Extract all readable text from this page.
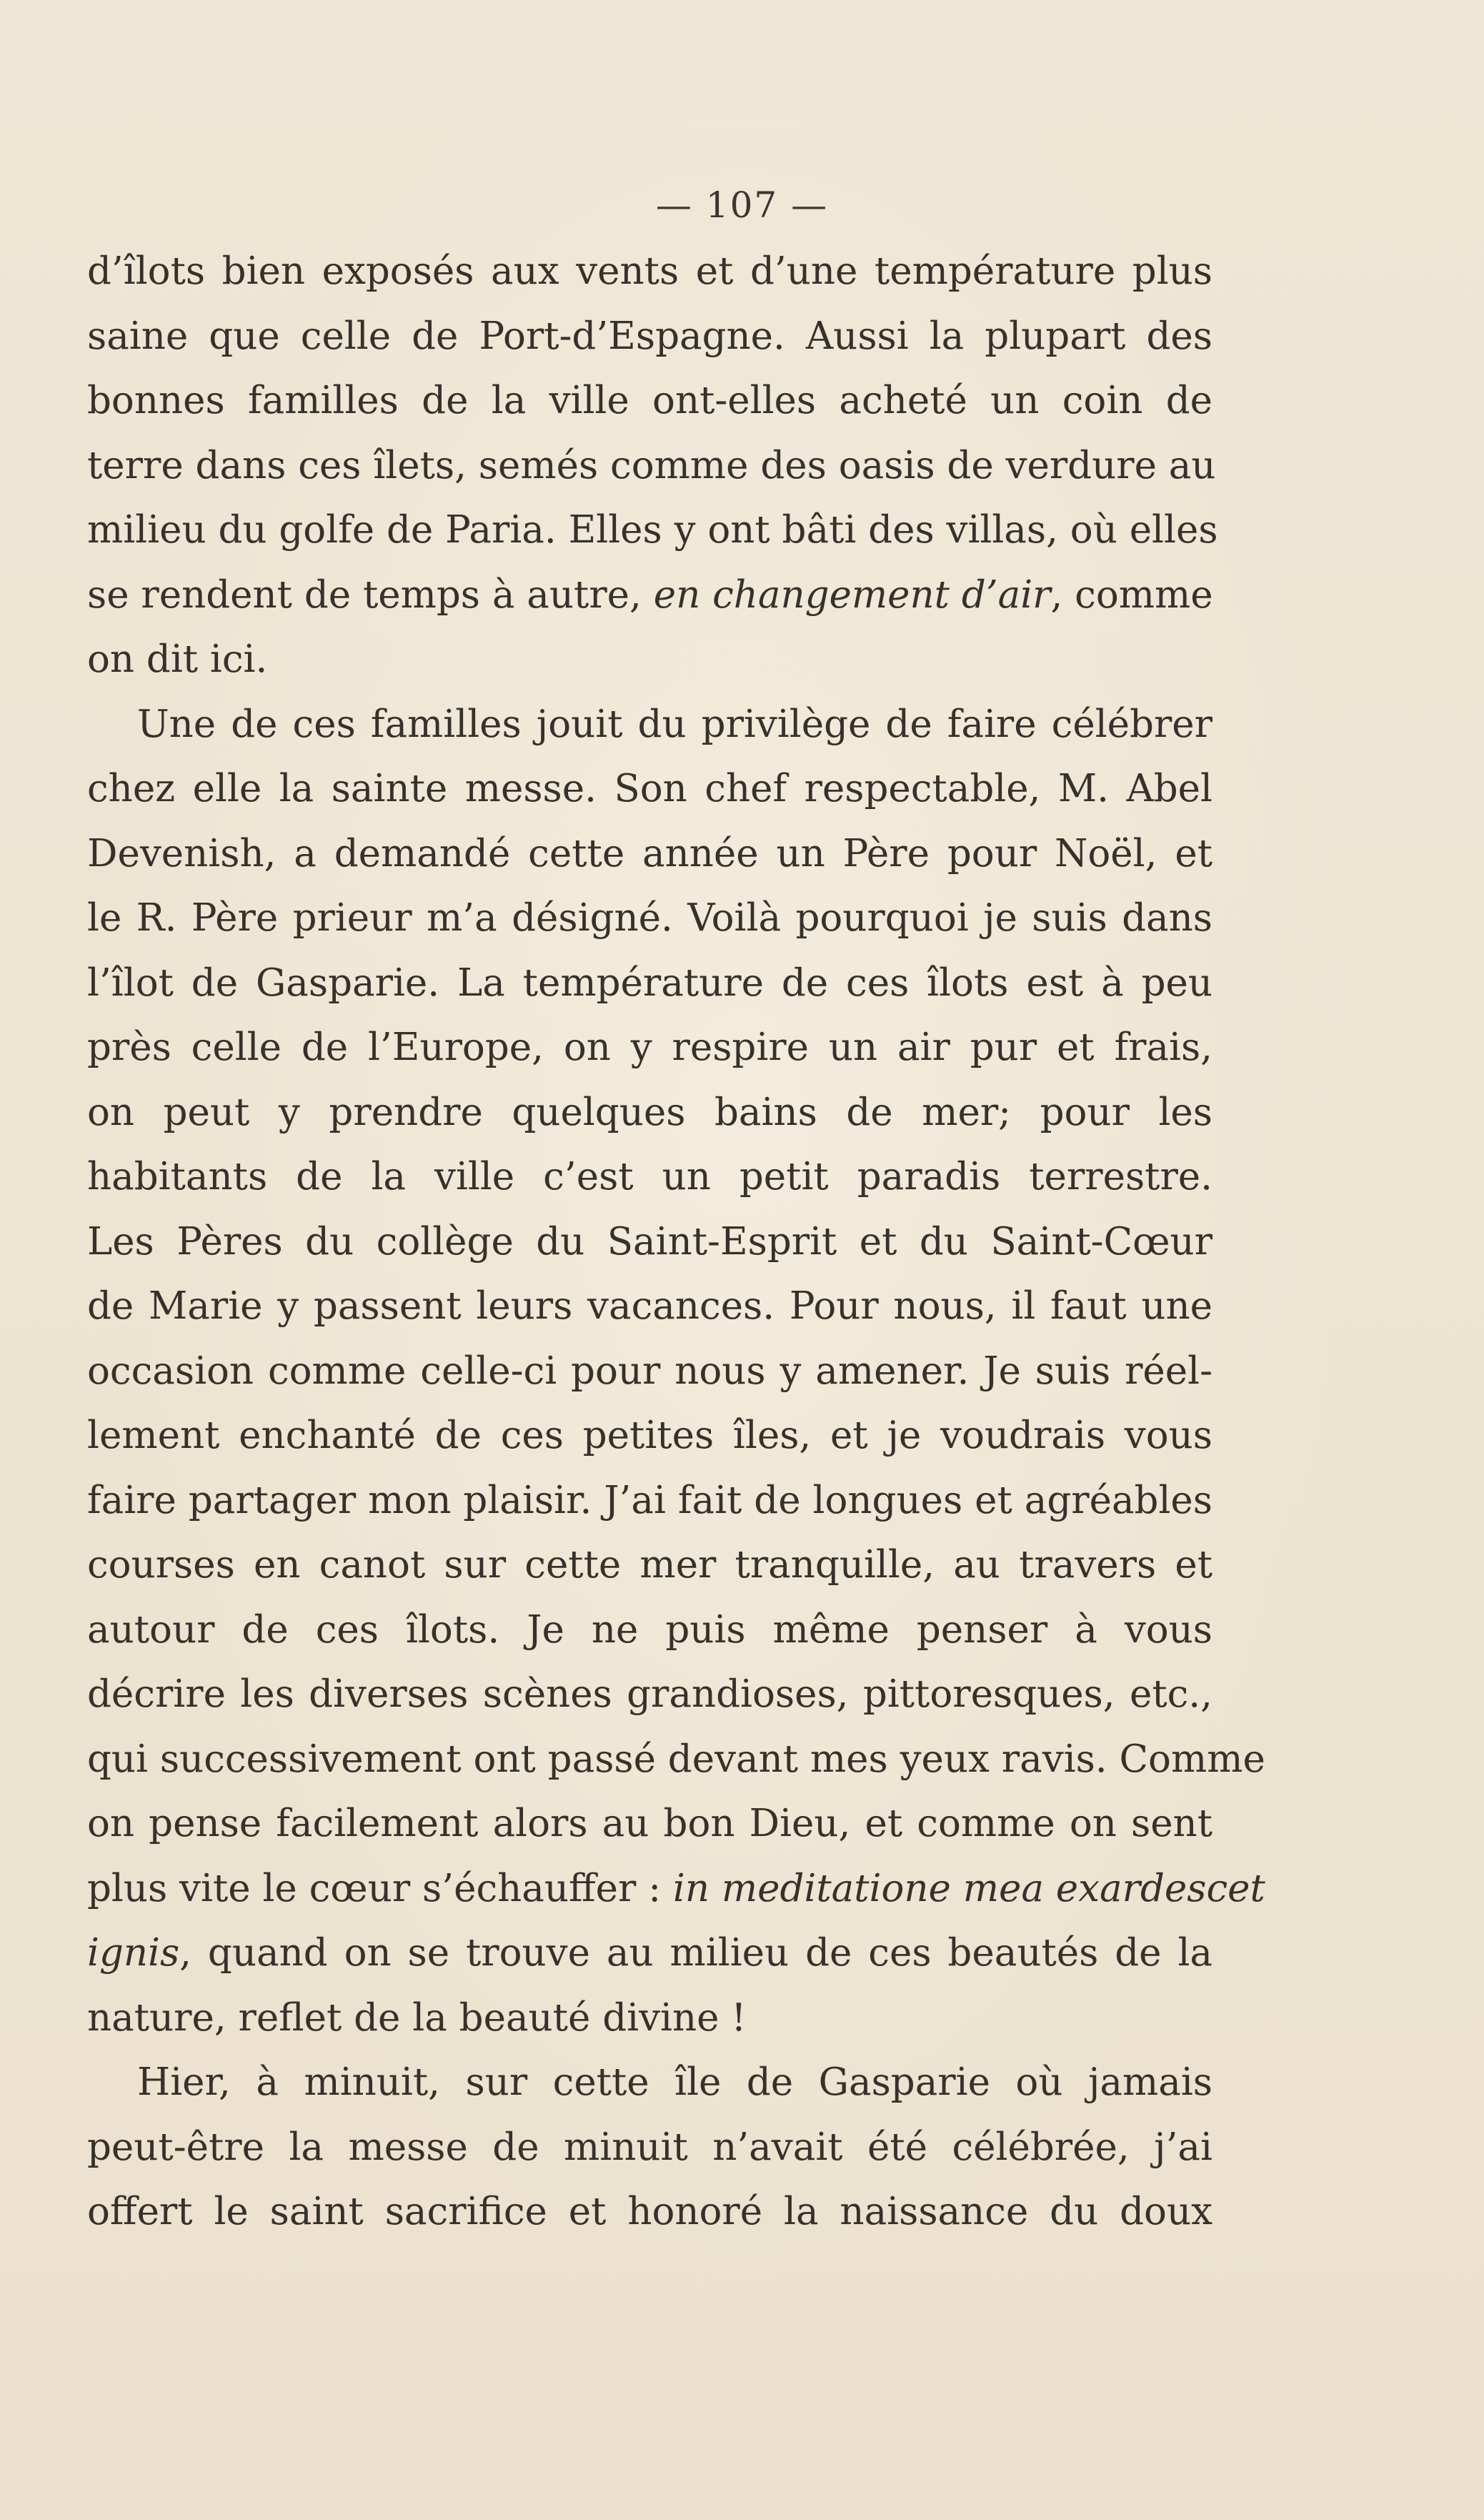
— 107 —
d’îlots bien exposés aux vents et d’une température plus
saine que celle de Port-d’Espagne. Aussi la plupart des
bonnes familles de la ville ont-elles acheté un coin de
terre dans ces îlets, semés comme des oasis de verdure au
milieu du golfe de Paria. Elles y ont bâti des villas, où elles
se rendent de temps à autre, en changement d’air, comme
on dit ici.
Une de ces familles jouit du privilège de faire célébrer
chez elle la sainte messe. Son chef respectable, M. Abel
Devenish, a demandé cette année un Père pour Noël, et
le R. Père prieur m’a désigné. Voilà pourquoi je suis dans
l’îlot de Gasparie. La température de ces îlots est à peu
près celle de l’Europe, on y respire un air pur et frais,
on peut y prendre quelques bains de mer; pour les
habitants de la ville c’est un petit paradis terrestre.
Les Pères du collège du Saint-Esprit et du Saint-Cœur
de Marie y passent leurs vacances. Pour nous, il faut une
occasion comme celle-ci pour nous y amener. Je suis réel-
lement enchanté de ces petites îles, et je voudrais vous
faire partager mon plaisir. J’ai fait de longues et agréables
courses en canot sur cette mer tranquille, au travers et
autour de ces îlots. Je ne puis même penser à vous
décrire les diverses scènes grandioses, pittoresques, etc.,
qui successivement ont passé devant mes yeux ravis. Comme
on pense facilement alors au bon Dieu, et comme on sent
plus vite le cœur s’échauffer : in meditatione mea exardescet
ignis, quand on se trouve au milieu de ces beautés de la
nature, reflet de la beauté divine !
Hier, à minuit, sur cette île de Gasparie où jamais
peut-être la messe de minuit n’avait été célébrée, j’ai
offert le saint sacrifice et honoré la naissance du doux
